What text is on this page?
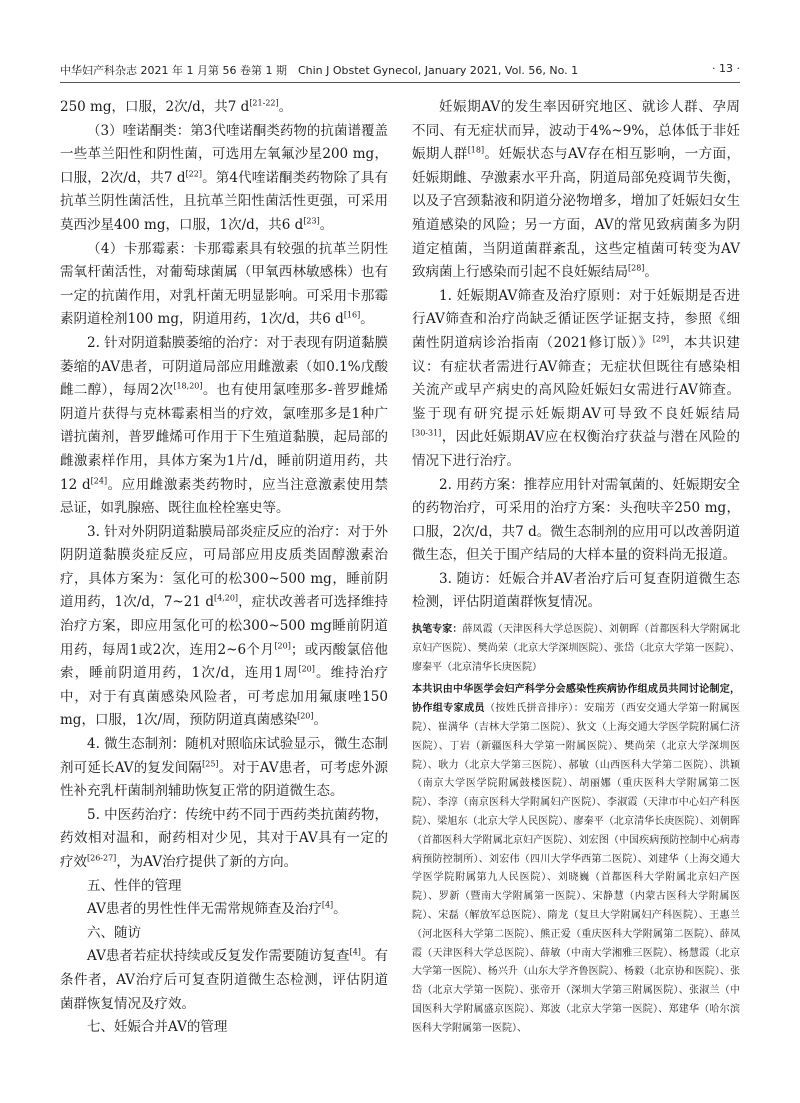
中华妇产科杂志 2021 年 1 月第 56 卷第 1 期　Chin J Obstet Gynecol, January 2021, Vol. 56, No. 1	· 13 ·

250 mg，口服，2次/d，共7 d[21‑22]。

（3）喹诺酮类：第3代喹诺酮类药物的抗菌谱覆盖一些革兰阳性和阴性菌，可选用左氧氟沙星200 mg，口服，2次/d，共7 d[22]。第4代喹诺酮类药物除了具有抗革兰阴性菌活性，且抗革兰阳性菌活性更强，可采用莫西沙星400 mg，口服，1次/d，共6 d[23]。

（4）卡那霉素：卡那霉素具有较强的抗革兰阴性需氧杆菌活性，对葡萄球菌属（甲氧西林敏感株）也有一定的抗菌作用，对乳杆菌无明显影响。可采用卡那霉素阴道栓剂100 mg，阴道用药，1次/d，共6 d[16]。

2. 针对阴道黏膜萎缩的治疗：对于表现有阴道黏膜萎缩的AV患者，可阴道局部应用雌激素（如0.1%戊酸雌二醇），每周2次[18,20]。也有使用氯喹那多‑普罗雌烯阴道片获得与克林霉素相当的疗效，氯喹那多是1种广谱抗菌剂，普罗雌烯可作用于下生殖道黏膜，起局部的雌激素样作用，具体方案为1片/d，睡前阴道用药，共12 d[24]。应用雌激素类药物时，应当注意激素使用禁忌证，如乳腺癌、既往血栓栓塞史等。

3. 针对外阴阴道黏膜局部炎症反应的治疗：对于外阴阴道黏膜炎症反应，可局部应用皮质类固醇激素治疗，具体方案为：氢化可的松300~500 mg，睡前阴道用药，1次/d，7~21 d[4,20]，症状改善者可选择维持治疗方案，即应用氢化可的松300~500 mg睡前阴道用药，每周1或2次，连用2~6个月[20]；或丙酸氯倍他索，睡前阴道用药，1次/d，连用1周[20]。维持治疗中，对于有真菌感染风险者，可考虑加用氟康唑150 mg，口服，1次/周，预防阴道真菌感染[20]。

4. 微生态制剂：随机对照临床试验显示，微生态制剂可延长AV的复发间隔[25]。对于AV患者，可考虑外源性补充乳杆菌制剂辅助恢复正常的阴道微生态。

5. 中医药治疗：传统中药不同于西药类抗菌药物，药效相对温和，耐药相对少见，其对于AV具有一定的疗效[26‑27]，为AV治疗提供了新的方向。

五、性伴的管理

AV患者的男性性伴无需常规筛查及治疗[4]。

六、随访

AV患者若症状持续或反复发作需要随访复查[4]。有条件者，AV治疗后可复查阴道微生态检测，评估阴道菌群恢复情况及疗效。

七、妊娠合并AV的管理

妊娠期AV的发生率因研究地区、就诊人群、孕周不同、有无症状而异，波动于4%~9%，总体低于非妊娠期人群[18]。妊娠状态与AV存在相互影响，一方面，妊娠期雌、孕激素水平升高，阴道局部免疫调节失衡，以及子宫颈黏液和阴道分泌物增多，增加了妊娠妇女生殖道感染的风险；另一方面，AV的常见致病菌多为阴道定植菌，当阴道菌群紊乱，这些定植菌可转变为AV致病菌上行感染而引起不良妊娠结局[28]。

1. 妊娠期AV筛查及治疗原则：对于妊娠期是否进行AV筛查和治疗尚缺乏循证医学证据支持，参照《细菌性阴道病诊治指南（2021修订版）》[29]，本共识建议：有症状者需进行AV筛查；无症状但既往有感染相关流产或早产病史的高风险妊娠妇女需进行AV筛查。鉴于现有研究提示妊娠期AV可导致不良妊娠结局[30‑31]，因此妊娠期AV应在权衡治疗获益与潜在风险的情况下进行治疗。

2. 用药方案：推荐应用针对需氧菌的、妊娠期安全的药物治疗，可采用的治疗方案：头孢呋辛250 mg，口服，2次/d，共7 d。微生态制剂的应用可以改善阴道微生态，但关于围产结局的大样本量的资料尚无报道。

3. 随访：妊娠合并AV者治疗后可复查阴道微生态检测，评估阴道菌群恢复情况。

执笔专家：薛凤霞（天津医科大学总医院）、刘朝晖（首都医科大学附属北京妇产医院）、樊尚荣（北京大学深圳医院）、张岱（北京大学第一医院）、廖秦平（北京清华长庚医院）

本共识由中华医学会妇产科学分会感染性疾病协作组成员共同讨论制定，协作组专家成员（按姓氏拼音排序）：安瑞芳（西安交通大学第一附属医院）、崔满华（吉林大学第二医院）、狄文（上海交通大学医学院附属仁济医院）、丁岩（新疆医科大学第一附属医院）、樊尚荣（北京大学深圳医院）、耿力（北京大学第三医院）、郝敏（山西医科大学第二医院）、洪颖（南京大学医学院附属鼓楼医院）、胡丽娜（重庆医科大学附属第二医院）、李淳（南京医科大学附属妇产医院）、李淑霞（天津市中心妇产科医院）、梁旭东（北京大学人民医院）、廖秦平（北京清华长庚医院）、刘朝晖（首都医科大学附属北京妇产医院）、刘宏图（中国疾病预防控制中心病毒病预防控制所）、刘宏伟（四川大学华西第二医院）、刘建华（上海交通大学医学院附属第九人民医院）、刘晓巍（首都医科大学附属北京妇产医院）、罗新（暨南大学附属第一医院）、宋静慧（内蒙古医科大学附属医院）、宋磊（解放军总医院）、隋龙（复旦大学附属妇产科医院）、王惠兰（河北医科大学第二医院）、熊正爱（重庆医科大学附属第二医院）、薛凤霞（天津医科大学总医院）、薛敏（中南大学湘雅三医院）、杨慧霞（北京大学第一医院）、杨兴升（山东大学齐鲁医院）、杨毅（北京协和医院）、张岱（北京大学第一医院）、张帝开（深圳大学第三附属医院）、张淑兰（中国医科大学附属盛京医院）、郑波（北京大学第一医院）、郑建华（哈尔滨医科大学附属第一医院）、
